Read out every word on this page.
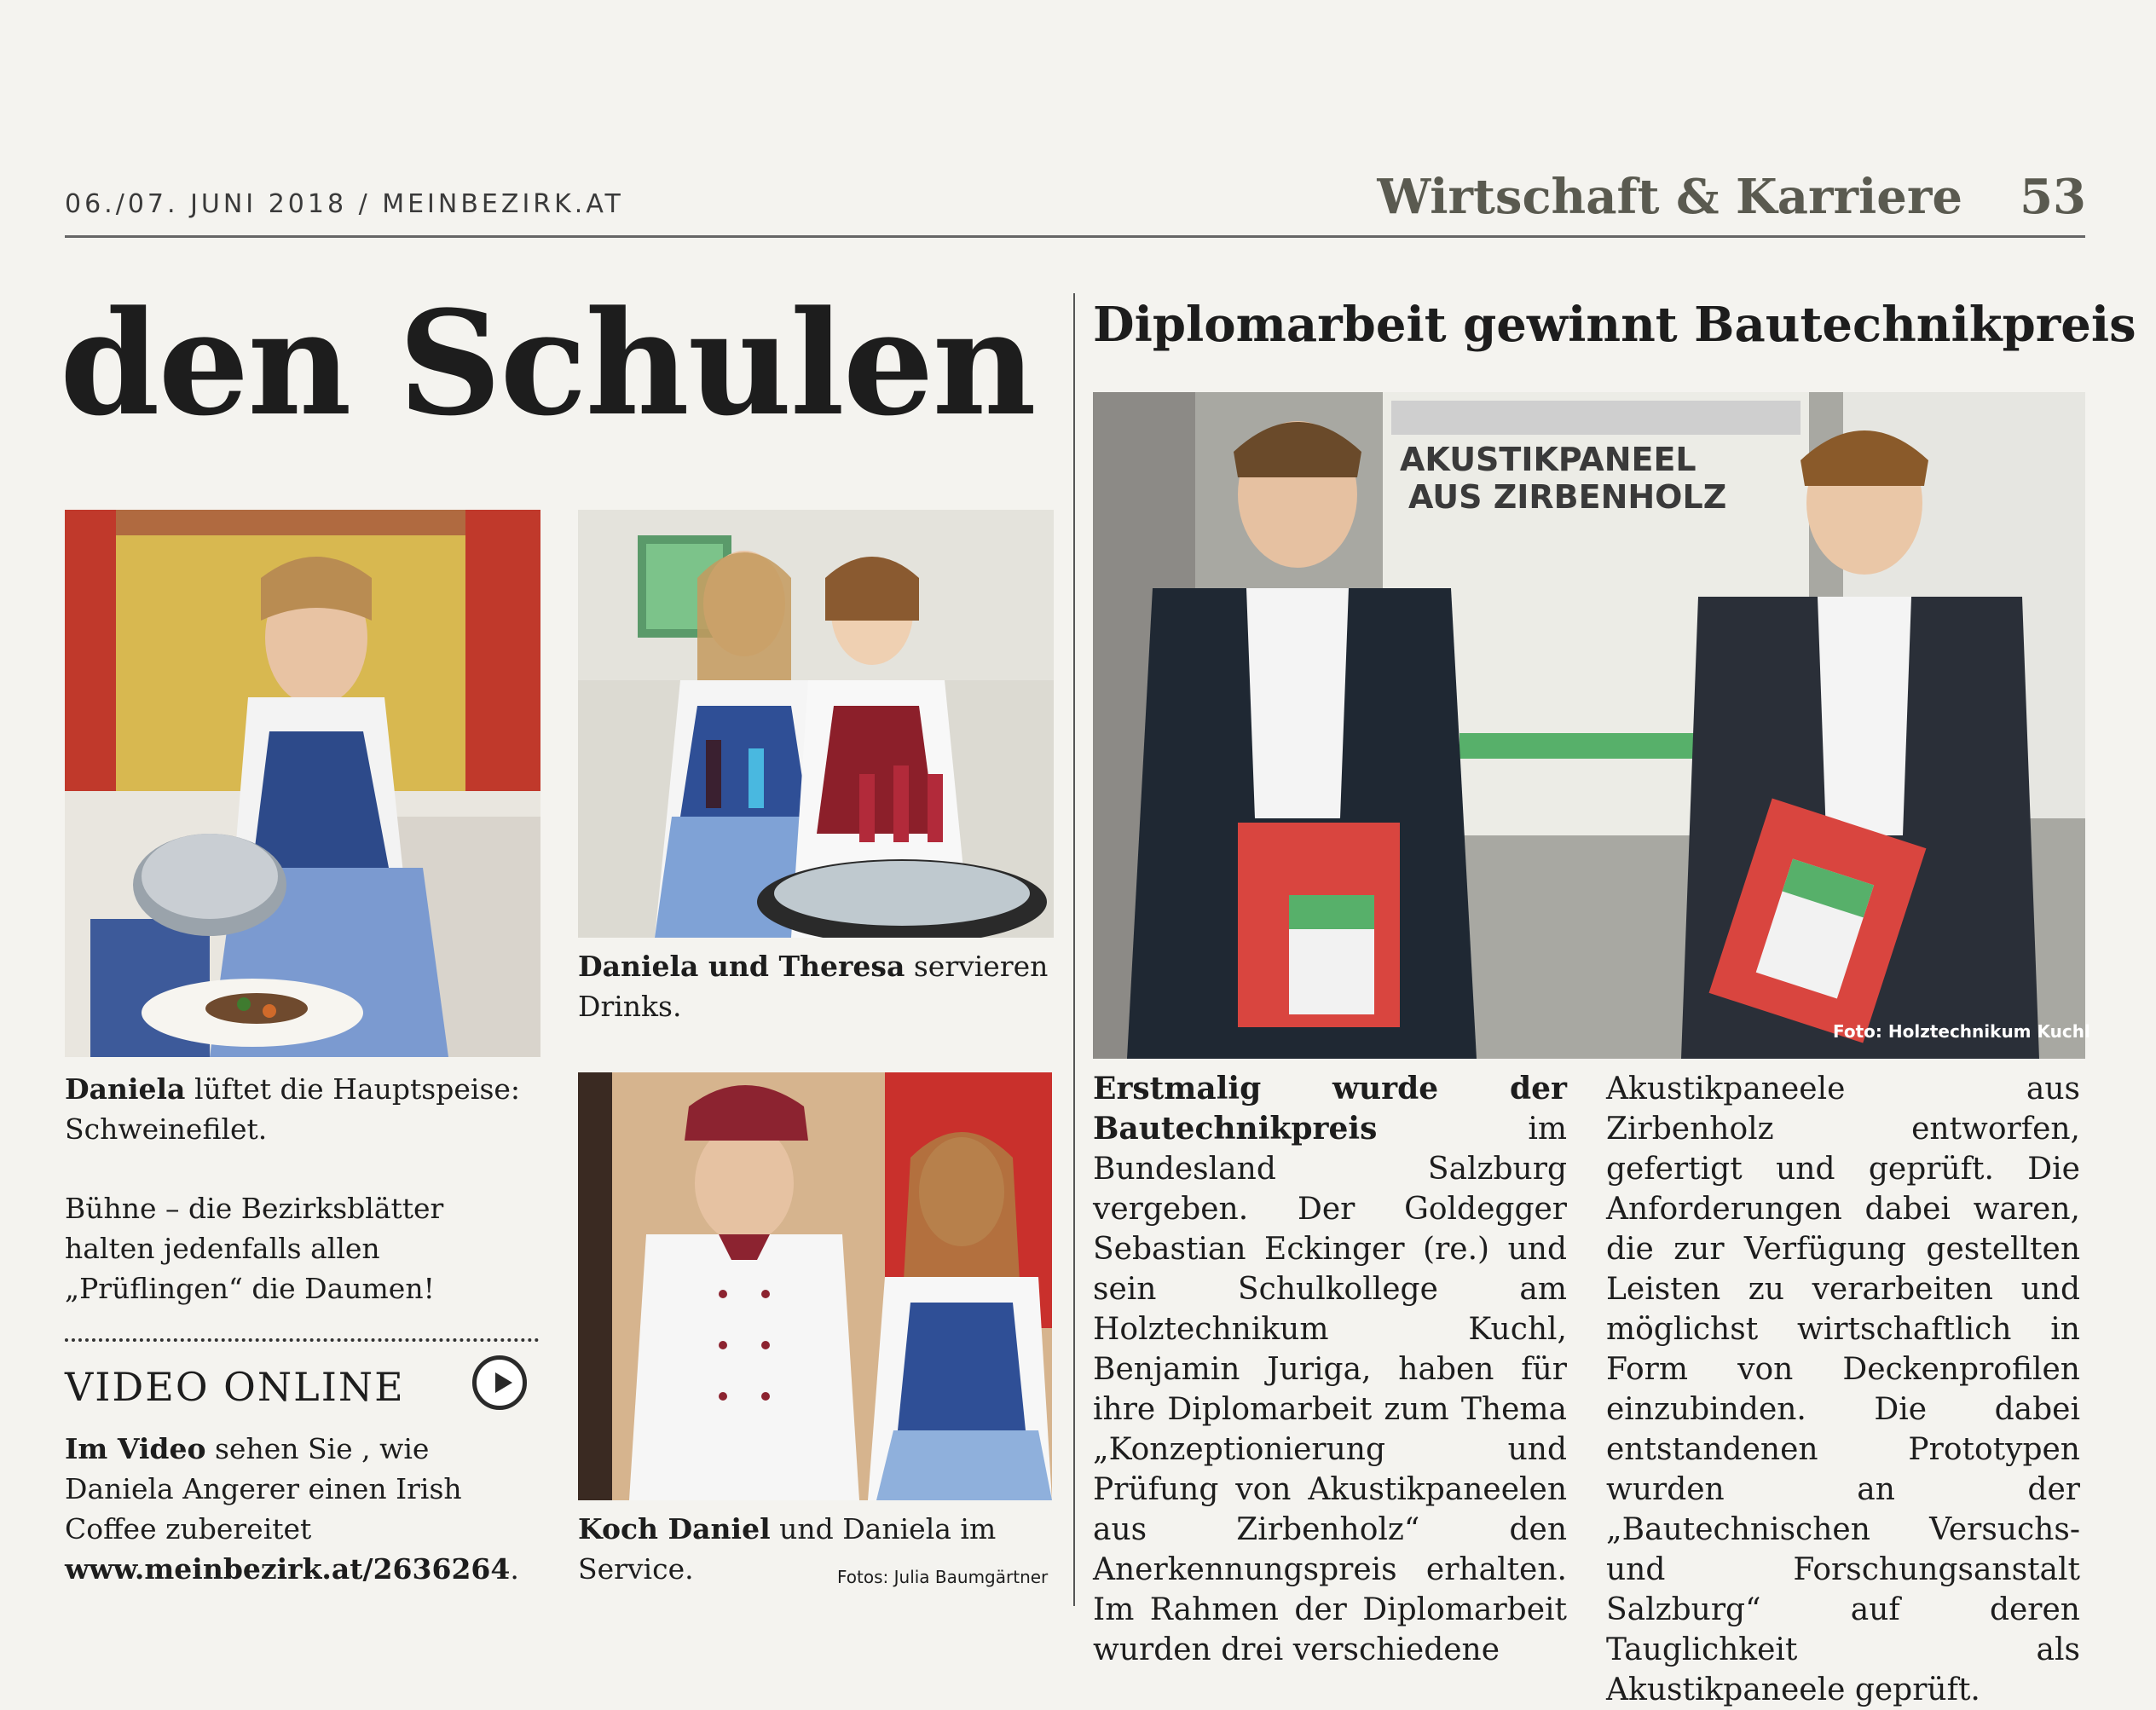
06./07. JUNI 2018 / MEINBEZIRK.AT	Wirtschaft & Karriere 53
den Schulen

Daniela lüftet die Hauptspeise: Schweinefilet.

Daniela und Theresa servieren Drinks.

Koch Daniel und Daniela im Service.	Fotos: Julia Baumgärtner
Bühne – die Bezirksblätter halten jedenfalls allen „Prüflingen“ die Daumen!
VIDEO ONLINE
Im Video sehen Sie , wie Daniela Angerer einen Irish Coffee zubereitet www.meinbezirk.at/2636264.
Diplomarbeit gewinnt Bautechnikpreis
AKUSTIKPANEEL
AUS ZIRBENHOLZ
Foto: Holztechnikum Kuchl
Erstmalig wurde der Bautechnikpreis im Bundesland Salzburg vergeben. Der Goldegger Sebastian Eckinger (re.) und sein Schulkollege am Holztechnikum Kuchl, Benjamin Juriga, haben für ihre Diplomarbeit zum Thema „Konzeptionierung und Prüfung von Akustikpaneelen aus Zirbenholz“ den Anerkennungspreis erhalten. Im Rahmen der Diplomarbeit wurden drei verschiedene
Akustikpaneele aus Zirbenholz entworfen, gefertigt und geprüft. Die Anforderungen dabei waren, die zur Verfügung gestellten Leisten zu verarbeiten und möglichst wirtschaftlich in Form von Deckenprofilen einzubinden. Die dabei entstandenen Prototypen wurden an der „Bautechnischen Versuchs- und Forschungsanstalt Salzburg“ auf deren Tauglichkeit als Akustikpaneele geprüft.
